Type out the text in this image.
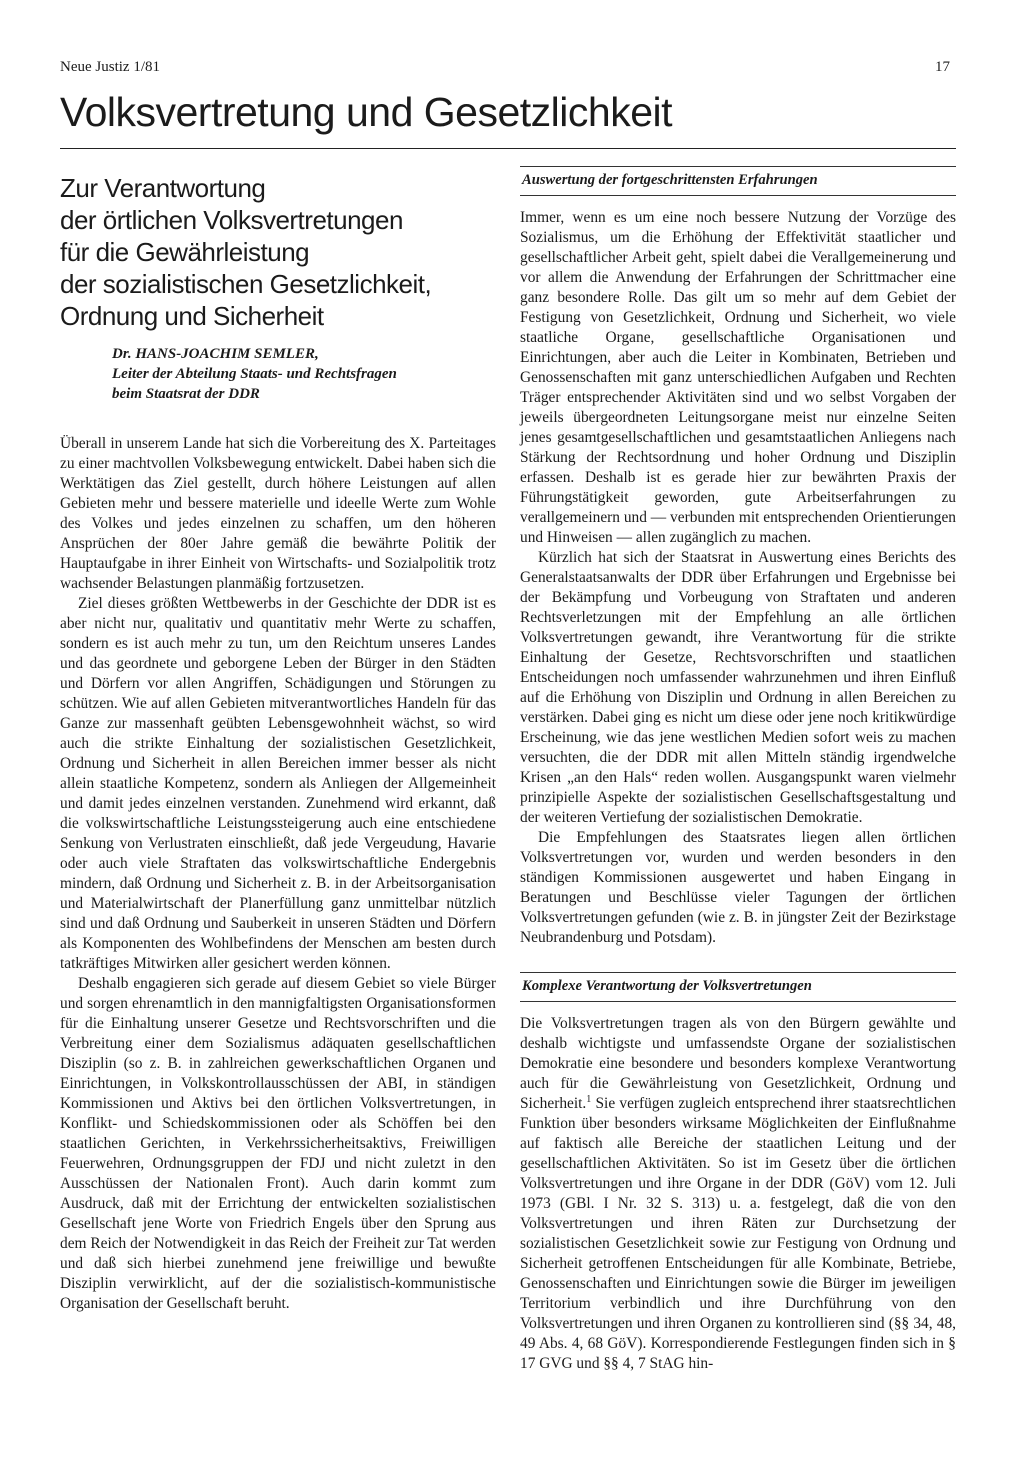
Neue Justiz 1/81	17
Volksvertretung und Gesetzlichkeit
Zur Verantwortung
der örtlichen Volksvertretungen
für die Gewährleistung
der sozialistischen Gesetzlichkeit,
Ordnung und Sicherheit
Dr. HANS-JOACHIM SEMLER,
Leiter der Abteilung Staats- und Rechtsfragen
beim Staatsrat der DDR

Überall in unserem Lande hat sich die Vorbereitung des X. Parteitages zu einer machtvollen Volksbewegung entwickelt. Dabei haben sich die Werktätigen das Ziel gestellt, durch höhere Leistungen auf allen Gebieten mehr und bessere materielle und ideelle Werte zum Wohle des Volkes und jedes einzelnen zu schaffen, um den höheren Ansprüchen der 80er Jahre gemäß die bewährte Politik der Hauptaufgabe in ihrer Einheit von Wirtschafts- und Sozialpolitik trotz wachsender Belastungen planmäßig fortzusetzen.

Ziel dieses größten Wettbewerbs in der Geschichte der DDR ist es aber nicht nur, qualitativ und quantitativ mehr Werte zu schaffen, sondern es ist auch mehr zu tun, um den Reichtum unseres Landes und das geordnete und geborgene Leben der Bürger in den Städten und Dörfern vor allen Angriffen, Schädigungen und Störungen zu schützen. Wie auf allen Gebieten mitverantwortliches Handeln für das Ganze zur massenhaft geübten Lebensgewohnheit wächst, so wird auch die strikte Einhaltung der sozialistischen Gesetzlichkeit, Ordnung und Sicherheit in allen Bereichen immer besser als nicht allein staatliche Kompetenz, sondern als Anliegen der Allgemeinheit und damit jedes einzelnen verstanden. Zunehmend wird erkannt, daß die volkswirtschaftliche Leistungssteigerung auch eine entschiedene Senkung von Verlustraten einschließt, daß jede Vergeudung, Havarie oder auch viele Straftaten das volkswirtschaftliche Endergebnis mindern, daß Ordnung und Sicherheit z. B. in der Arbeitsorganisation und Materialwirtschaft der Planerfüllung ganz unmittelbar nützlich sind und daß Ordnung und Sauberkeit in unseren Städten und Dörfern als Komponenten des Wohlbefindens der Menschen am besten durch tatkräftiges Mitwirken aller gesichert werden können.

Deshalb engagieren sich gerade auf diesem Gebiet so viele Bürger und sorgen ehrenamtlich in den mannigfaltigsten Organisationsformen für die Einhaltung unserer Gesetze und Rechtsvorschriften und die Verbreitung einer dem Sozialismus adäquaten gesellschaftlichen Disziplin (so z. B. in zahlreichen gewerkschaftlichen Organen und Einrichtungen, in Volkskontrollausschüssen der ABI, in ständigen Kommissionen und Aktivs bei den örtlichen Volksvertretungen, in Konflikt- und Schiedskommissionen oder als Schöffen bei den staatlichen Gerichten, in Verkehrssicherheitsaktivs, Freiwilligen Feuerwehren, Ordnungsgruppen der FDJ und nicht zuletzt in den Ausschüssen der Nationalen Front). Auch darin kommt zum Ausdruck, daß mit der Errichtung der entwickelten sozialistischen Gesellschaft jene Worte von Friedrich Engels über den Sprung aus dem Reich der Notwendigkeit in das Reich der Freiheit zur Tat werden und daß sich hierbei zunehmend jene freiwillige und bewußte Disziplin verwirklicht, auf der die sozialistisch-kommunistische Organisation der Gesellschaft beruht.

Auswertung der fortgeschrittensten Erfahrungen

Immer, wenn es um eine noch bessere Nutzung der Vorzüge des Sozialismus, um die Erhöhung der Effektivität staatlicher und gesellschaftlicher Arbeit geht, spielt dabei die Verallgemeinerung und vor allem die Anwendung der Erfahrungen der Schrittmacher eine ganz besondere Rolle. Das gilt um so mehr auf dem Gebiet der Festigung von Gesetzlichkeit, Ordnung und Sicherheit, wo viele staatliche Organe, gesellschaftliche Organisationen und Einrichtungen, aber auch die Leiter in Kombinaten, Betrieben und Genossenschaften mit ganz unterschiedlichen Aufgaben und Rechten Träger entsprechender Aktivitäten sind und wo selbst Vorgaben der jeweils übergeordneten Leitungsorgane meist nur einzelne Seiten jenes gesamtgesellschaftlichen und gesamtstaatlichen Anliegens nach Stärkung der Rechtsordnung und hoher Ordnung und Disziplin erfassen. Deshalb ist es gerade hier zur bewährten Praxis der Führungstätigkeit geworden, gute Arbeitserfahrungen zu verallgemeinern und — verbunden mit entsprechenden Orientierungen und Hinweisen — allen zugänglich zu machen.

Kürzlich hat sich der Staatsrat in Auswertung eines Berichts des Generalstaatsanwalts der DDR über Erfahrungen und Ergebnisse bei der Bekämpfung und Vorbeugung von Straftaten und anderen Rechtsverletzungen mit der Empfehlung an alle örtlichen Volksvertretungen gewandt, ihre Verantwortung für die strikte Einhaltung der Gesetze, Rechtsvorschriften und staatlichen Entscheidungen noch umfassender wahrzunehmen und ihren Einfluß auf die Erhöhung von Disziplin und Ordnung in allen Bereichen zu verstärken. Dabei ging es nicht um diese oder jene noch kritikwürdige Erscheinung, wie das jene westlichen Medien sofort weis zu machen versuchten, die der DDR mit allen Mitteln ständig irgendwelche Krisen „an den Hals“ reden wollen. Ausgangspunkt waren vielmehr prinzipielle Aspekte der sozialistischen Gesellschaftsgestaltung und der weiteren Vertiefung der sozialistischen Demokratie.

Die Empfehlungen des Staatsrates liegen allen örtlichen Volksvertretungen vor, wurden und werden besonders in den ständigen Kommissionen ausgewertet und haben Eingang in Beratungen und Beschlüsse vieler Tagungen der örtlichen Volksvertretungen gefunden (wie z. B. in jüngster Zeit der Bezirkstage Neubrandenburg und Potsdam).

Komplexe Verantwortung der Volksvertretungen

Die Volksvertretungen tragen als von den Bürgern gewählte und deshalb wichtigste und umfassendste Organe der sozialistischen Demokratie eine besondere und besonders komplexe Verantwortung auch für die Gewährleistung von Gesetzlichkeit, Ordnung und Sicherheit.$^1$ Sie verfügen zugleich entsprechend ihrer staatsrechtlichen Funktion über besonders wirksame Möglichkeiten der Einflußnahme auf faktisch alle Bereiche der staatlichen Leitung und der gesellschaftlichen Aktivitäten. So ist im Gesetz über die örtlichen Volksvertretungen und ihre Organe in der DDR (GöV) vom 12. Juli 1973 (GBl. I Nr. 32 S. 313) u. a. festgelegt, daß die von den Volksvertretungen und ihren Räten zur Durchsetzung der sozialistischen Gesetzlichkeit sowie zur Festigung von Ordnung und Sicherheit getroffenen Entscheidungen für alle Kombinate, Betriebe, Genossenschaften und Einrichtungen sowie die Bürger im jeweiligen Territorium verbindlich und ihre Durchführung von den Volksvertretungen und ihren Organen zu kontrollieren sind (§§ 34, 48, 49 Abs. 4, 68 GöV). Korrespondierende Festlegungen finden sich in § 17 GVG und §§ 4, 7 StAG hin-
